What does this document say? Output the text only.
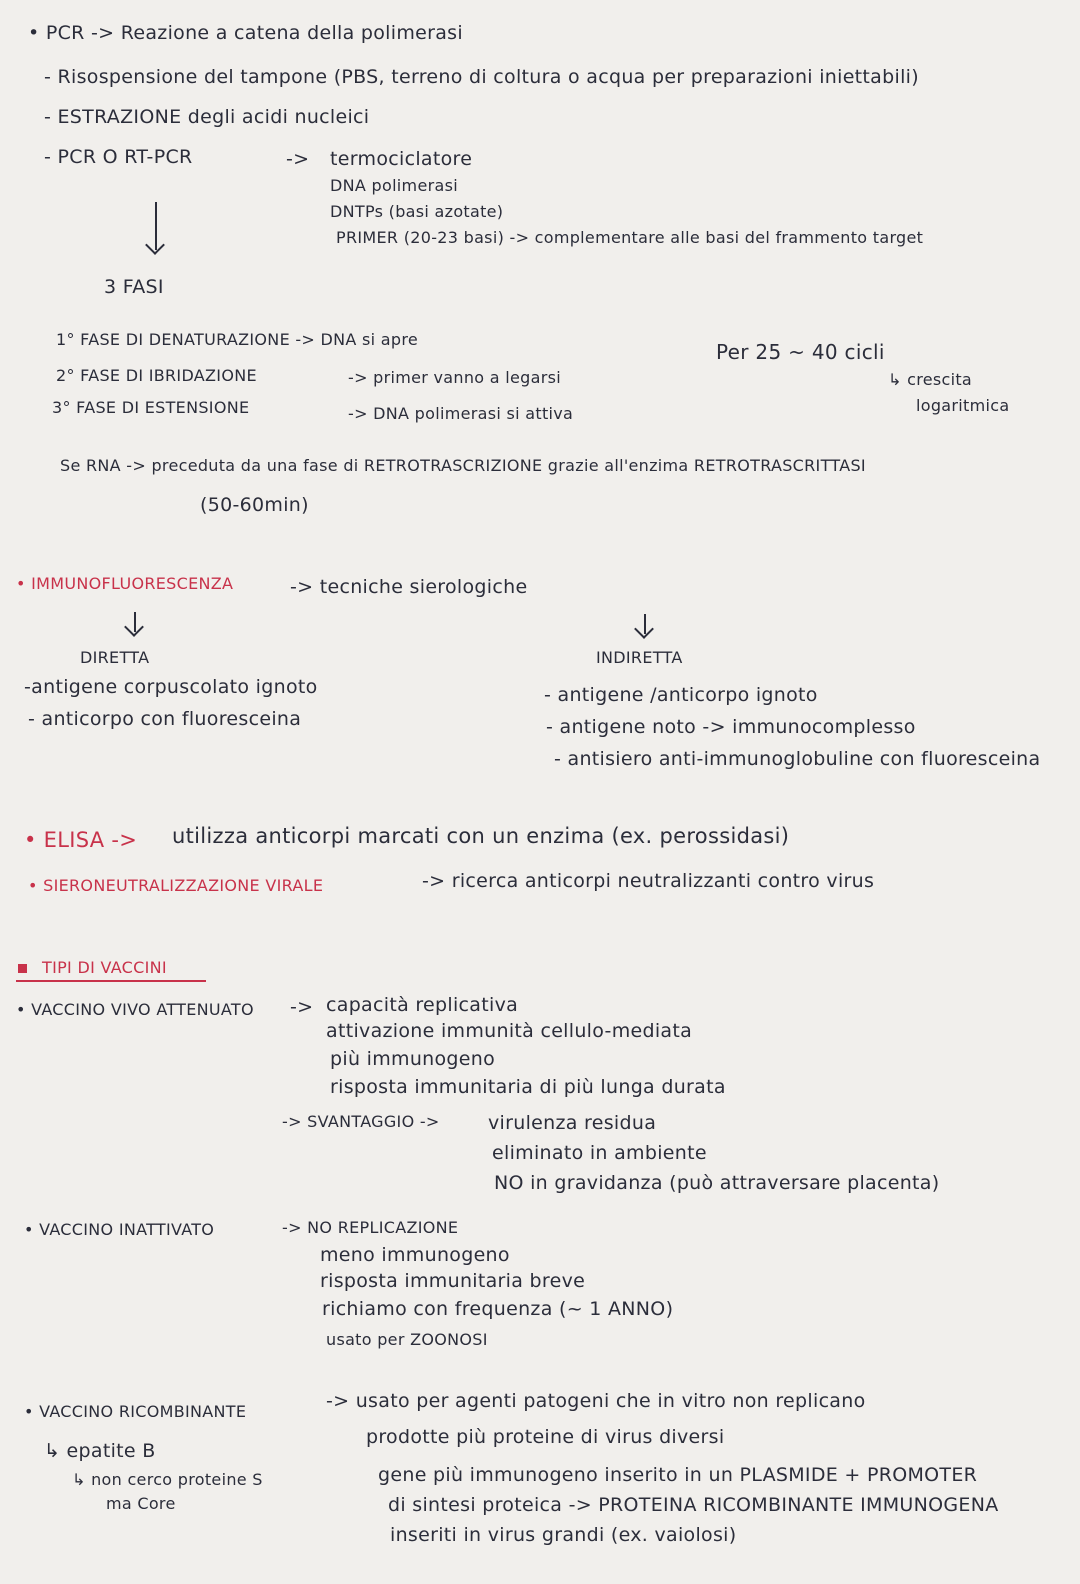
• PCR -> Reazione a catena della polimerasi
- Risospensione del tampone (PBS, terreno di coltura o acqua per preparazioni iniettabili)
- ESTRAZIONE degli acidi nucleici
- PCR O RT-PCR	-> termociclatore
DNA polimerasi
DNTPs (basi azotate)
PRIMER (20-23 basi) -> complementare alle basi del frammento target
3 FASI
1° FASE DI DENATURAZIONE -> DNA si apre
2° FASE DI IBRIDAZIONE	-> primer vanno a legarsi
3° FASE DI ESTENSIONE	-> DNA polimerasi si attiva
Per 25 ~ 40 cicli
↳ crescita
logaritmica
Se RNA -> preceduta da una fase di RETROTRASCRIZIONE grazie all'enzima RETROTRASCRITTASI
(50-60min)
• IMMUNOFLUORESCENZA	-> tecniche sierologiche
DIRETTA
-antigene corpuscolato ignoto
- anticorpo con fluoresceina
INDIRETTA
- antigene /anticorpo ignoto
- antigene noto -> immunocomplesso
- antisiero anti-immunoglobuline con fluoresceina
• ELISA -> utilizza anticorpi marcati con un enzima (ex. perossidasi)
• SIERONEUTRALIZZAZIONE VIRALE	-> ricerca anticorpi neutralizzanti contro virus
TIPI DI VACCINI
• VACCINO VIVO ATTENUATO -> capacità replicativa
attivazione immunità cellulo-mediata
più immunogeno
risposta immunitaria di più lunga durata
-> SVANTAGGIO ->	virulenza residua
eliminato in ambiente
NO in gravidanza (può attraversare placenta)
• VACCINO INATTIVATO	-> NO REPLICAZIONE
meno immunogeno
risposta immunitaria breve
richiamo con frequenza (~ 1 ANNO)
usato per ZOONOSI
• VACCINO RICOMBINANTE	-> usato per agenti patogeni che in vitro non replicano
prodotte più proteine di virus diversi
gene più immunogeno inserito in un PLASMIDE + PROMOTER
di sintesi proteica -> PROTEINA RICOMBINANTE IMMUNOGENA
inseriti in virus grandi (ex. vaiolosi)
↳ epatite B
↳ non cerco proteine S
ma Core
